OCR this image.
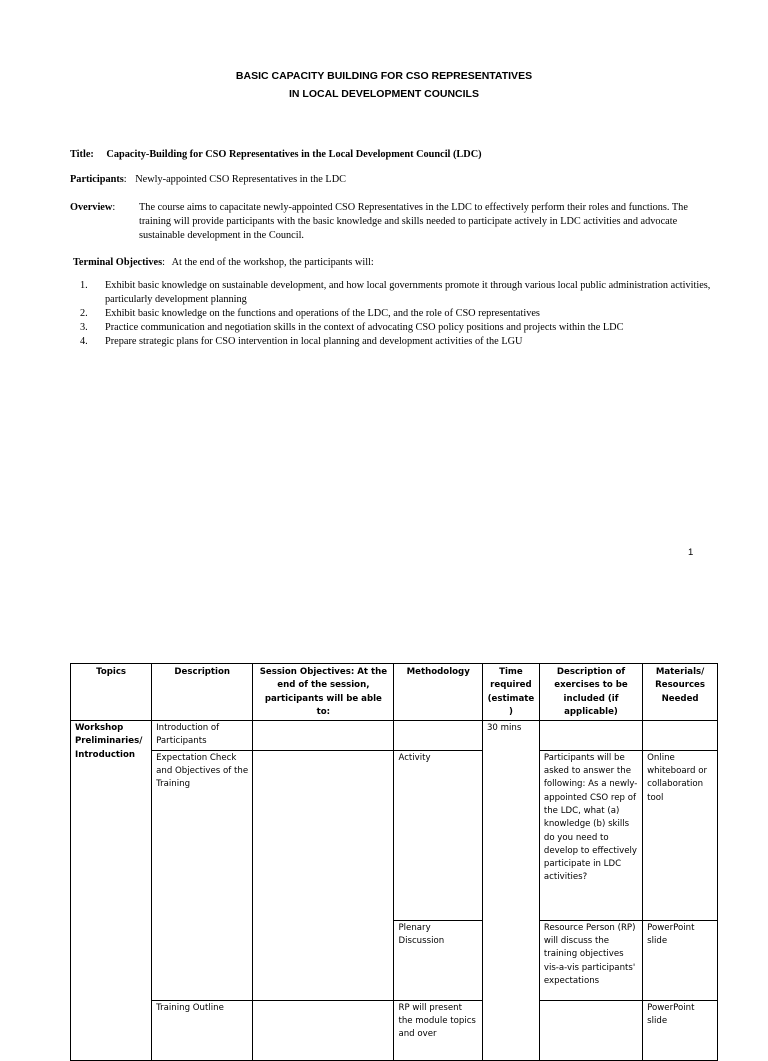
BASIC CAPACITY BUILDING FOR CSO REPRESENTATIVES
IN LOCAL DEVELOPMENT COUNCILS
Title: Capacity-Building for CSO Representatives in the Local Development Council (LDC)
Participants: Newly-appointed CSO Representatives in the LDC
Overview: The course aims to capacitate newly-appointed CSO Representatives in the LDC to effectively perform their roles and functions. The training will provide participants with the basic knowledge and skills needed to participate actively in LDC activities and advocate sustainable development in the Council.
Terminal Objectives: At the end of the workshop, the participants will:
1.	Exhibit basic knowledge on sustainable development, and how local governments promote it through various local public administration activities, particularly development planning
2.	Exhibit basic knowledge on the functions and operations of the LDC, and the role of CSO representatives
3.	Practice communication and negotiation skills in the context of advocating CSO policy positions and projects within the LDC
4.	Prepare strategic plans for CSO intervention in local planning and development activities of the LGU
1
Topics	Description	Session Objectives: At the end of the session, participants will be able to:	Methodology	Time required (estimate)	Description of exercises to be included (if applicable)	Materials/ Resources Needed
Workshop Preliminaries/ Introduction	Introduction of Participants			30 mins		
	Expectation Check and Objectives of the Training		Activity		Participants will be asked to answer the following: As a newly-appointed CSO rep of the LDC, what (a) knowledge (b) skills do you need to develop to effectively participate in LDC activities?	Online whiteboard or collaboration tool
			Plenary Discussion		Resource Person (RP) will discuss the training objectives vis-a-vis participants' expectations	PowerPoint slide
	Training Outline		RP will present the module topics and over			PowerPoint slide
